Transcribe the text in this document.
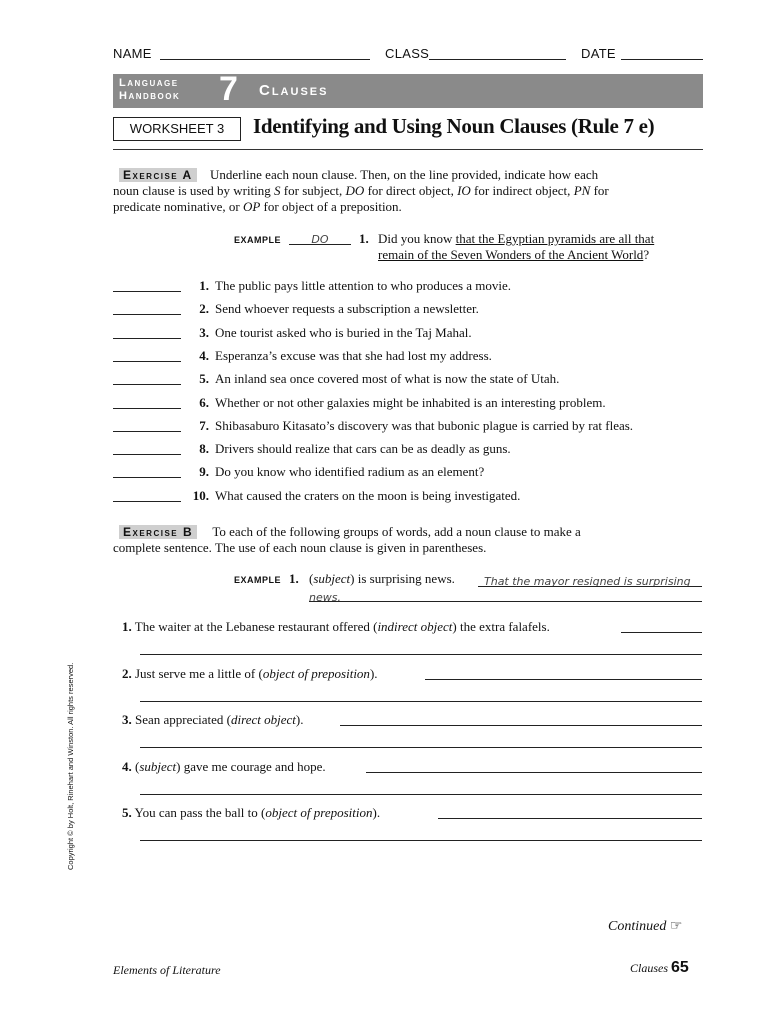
NAME	CLASS	DATE
Language
Handbook 7 Clauses
WORKSHEET 3	Identifying and Using Noun Clauses (Rule 7 e)
Exercise A Underline each noun clause. Then, on the line provided, indicate how each
noun clause is used by writing S for subject, DO for direct object, IO for indirect object, PN for
predicate nominative, or OP for object of a preposition.
EXAMPLE	DO	1. Did you know that the Egyptian pyramids are all that
remain of the Seven Wonders of the Ancient World?
1. The public pays little attention to who produces a movie.
2. Send whoever requests a subscription a newsletter.
3. One tourist asked who is buried in the Taj Mahal.
4. Esperanza’s excuse was that she had lost my address.
5. An inland sea once covered most of what is now the state of Utah.
6. Whether or not other galaxies might be inhabited is an interesting problem.
7. Shibasaburo Kitasato’s discovery was that bubonic plague is carried by rat fleas.
8. Drivers should realize that cars can be as deadly as guns.
9. Do you know who identified radium as an element?
10. What caused the craters on the moon is being investigated.
Exercise B To each of the following groups of words, add a noun clause to make a
complete sentence. The use of each noun clause is given in parentheses.
EXAMPLE 1. (subject) is surprising news.	That the mayor resigned is surprising
news.
1. The waiter at the Lebanese restaurant offered (indirect object) the extra falafels.
2. Just serve me a little of (object of preposition).
3. Sean appreciated (direct object).
4. (subject) gave me courage and hope.
5. You can pass the ball to (object of preposition).
Continued ☞
Elements of Literature	Clauses 65
Copyright © by Holt, Rinehart and Winston. All rights reserved.
